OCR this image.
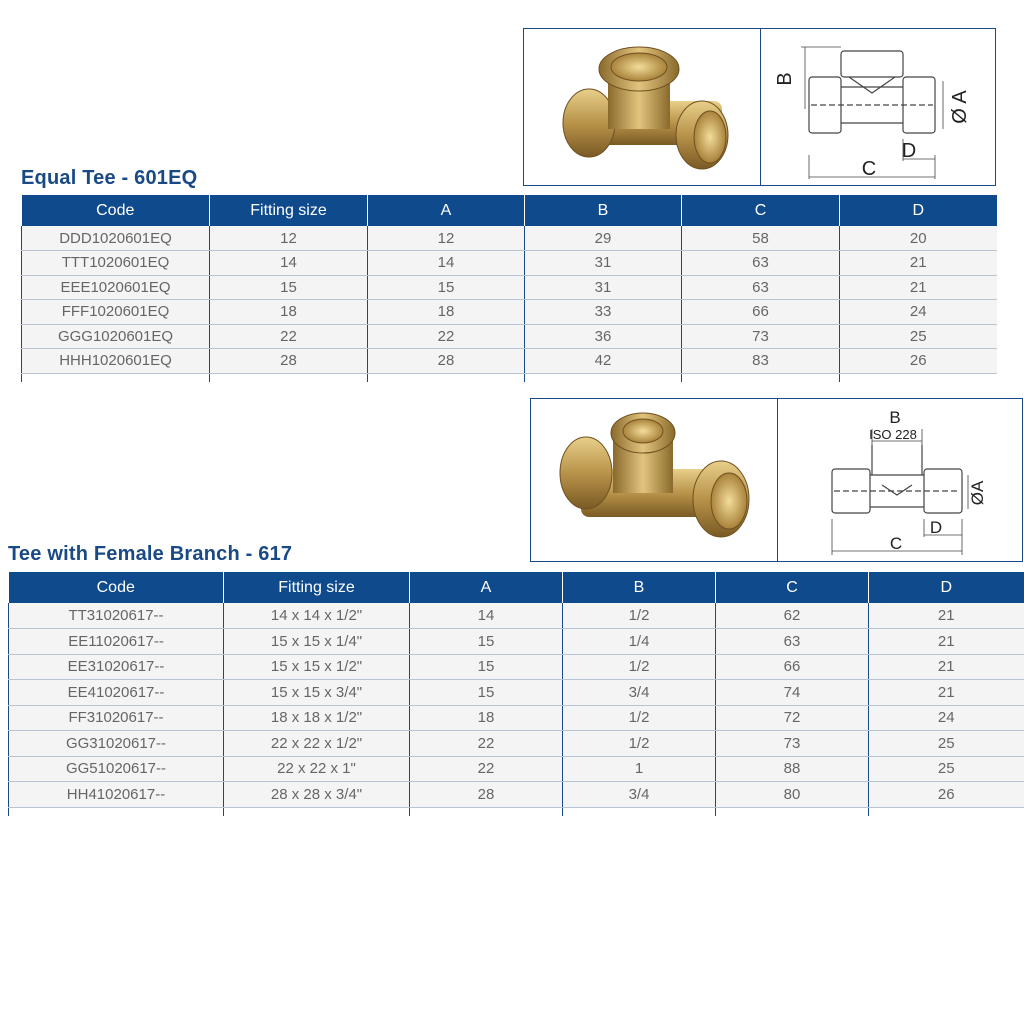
B
Ø A
C
D
Equal Tee - 601EQ
Code	Fitting size	A	B	C	D
DDD1020601EQ	12	12	29	58	20
TTT1020601EQ	14	14	31	63	21
EEE1020601EQ	15	15	31	63	21
FFF1020601EQ	18	18	33	66	24
GGG1020601EQ	22	22	36	73	25
HHH1020601EQ	28	28	42	83	26

B
ISO 228
ØA
C
D
Tee with Female Branch - 617
Code	Fitting size	A	B	C	D
TT31020617--	14 x 14 x 1/2"	14	1/2	62	21
EE11020617--	15 x 15 x 1/4"	15	1/4	63	21
EE31020617--	15 x 15 x 1/2"	15	1/2	66	21
EE41020617--	15 x 15 x 3/4"	15	3/4	74	21
FF31020617--	18 x 18 x 1/2"	18	1/2	72	24
GG31020617--	22 x 22 x 1/2"	22	1/2	73	25
GG51020617--	22 x 22 x 1"	22	1	88	25
HH41020617--	28 x 28 x 3/4"	28	3/4	80	26
